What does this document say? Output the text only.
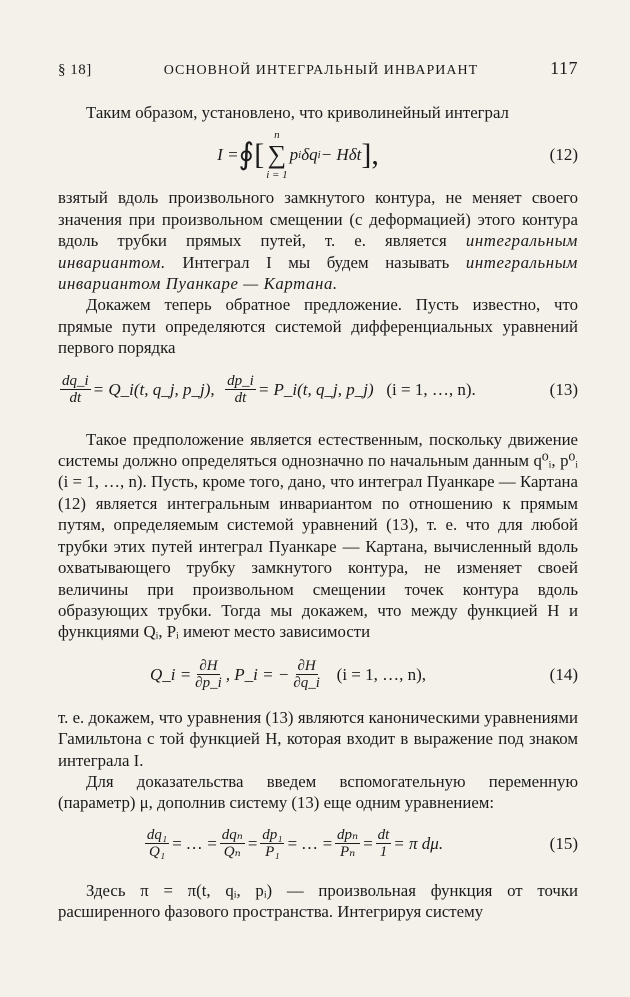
§ 18]	ОСНОВНОЙ ИНТЕГРАЛЬНЫЙ ИНВАРИАНТ	117

Таким образом, установлено, что криволинейный интеграл

I = ∮ [
n
∑
i = 1
p i δq i − Hδt ],	(12)

взятый вдоль произвольного замкнутого контура, не меняет своего значения при произвольном смещении (с деформацией) этого контура вдоль трубки прямых путей, т. е. является интегральным инвариантом. Интеграл I мы будем называть интегральным инвариантом Пуанкаре — Картана.

Докажем теперь обратное предложение. Пусть известно, что прямые пути определяются системой дифференциальных уравнений первого порядка

$\frac{dq\_i}{dt}$ = Q_i(t, q_j, p_j),
$\frac{dp\_i}{dt}$ = P_i(t, q_j, p_j)
(i = 1, …, n).	(13)

Такое предположение является естественным, поскольку движение системы должно определяться однозначно по начальным данным q⁰ᵢ, p⁰ᵢ (i = 1, …, n). Пусть, кроме того, дано, что интеграл Пуанкаре — Картана (12) является интегральным инвариантом по отношению к прямым путям, определяемым системой уравнений (13), т. е. что для любой трубки этих путей интеграл Пуанкаре — Картана, вычисленный вдоль охватывающего трубку замкнутого контура, не изменяет своей величины при произвольном смещении точек контура вдоль образующих трубки. Тогда мы докажем, что между функцией H и функциями Qᵢ, Pᵢ имеют место зависимости

Q_i = $\frac{\partial H}{\partial p\_i}$ , P_i = − $\frac{\partial H}{\partial q\_i}$
(i = 1, …, n),	(14)

т. е. докажем, что уравнения (13) являются каноническими уравнениями Гамильтона с той функцией H, которая входит в выражение под знаком интеграла I.

Для доказательства введем вспомогательную переменную (параметр) μ, дополнив систему (13) еще одним уравнением:

$\frac{\text{dq₁}}{\text{Q₁}}$ = … = $\frac{\text{dqₙ}}{\text{Qₙ}} = \frac{\text{dp₁}}{\text{P₁}}$ = … = $\frac{\text{dpₙ}}{\text{Pₙ}} = \frac{dt}{1} = \pi$ dμ.	(15)

Здесь π = π(t, qᵢ, pᵢ) — произвольная функция от точки расширенного фазового пространства. Интегрируя систему
